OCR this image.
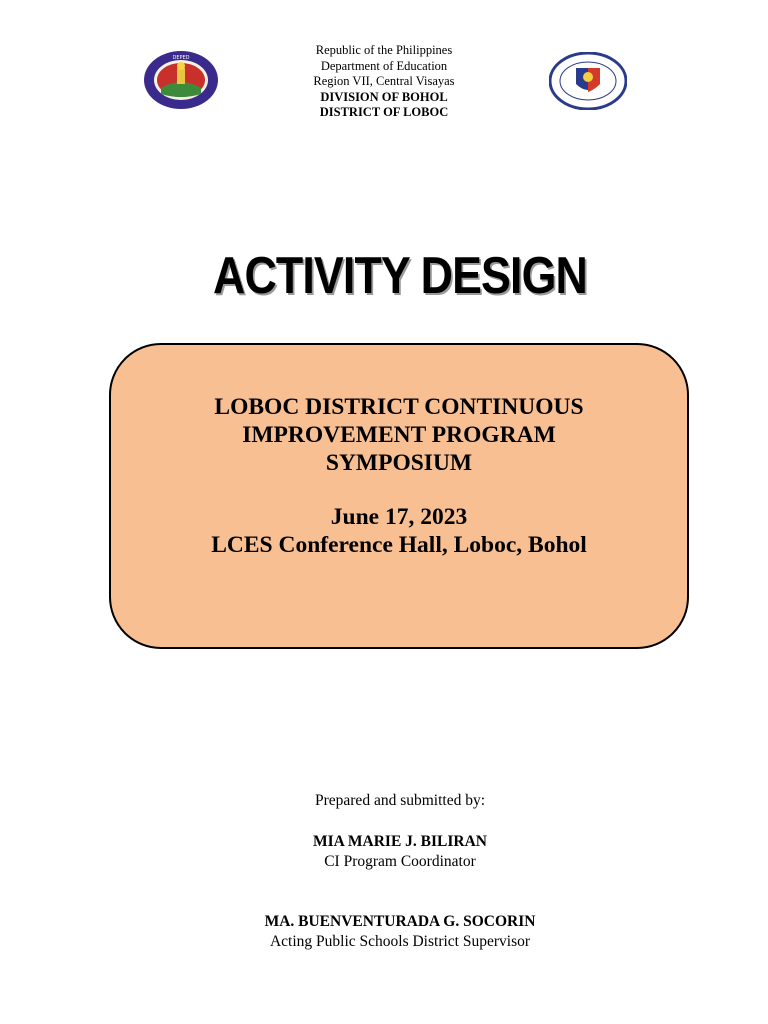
DEPED
Republic of the Philippines
Department of Education
Region VII, Central Visayas
DIVISION OF BOHOL
DISTRICT OF LOBOC
ACTIVITY DESIGN
LOBOC DISTRICT CONTINUOUS
IMPROVEMENT PROGRAM
SYMPOSIUM
June 17, 2023
LCES Conference Hall, Loboc, Bohol
Prepared and submitted by:
MIA MARIE J. BILIRAN
CI Program Coordinator
MA. BUENVENTURADA G. SOCORIN
Acting Public Schools District Supervisor
